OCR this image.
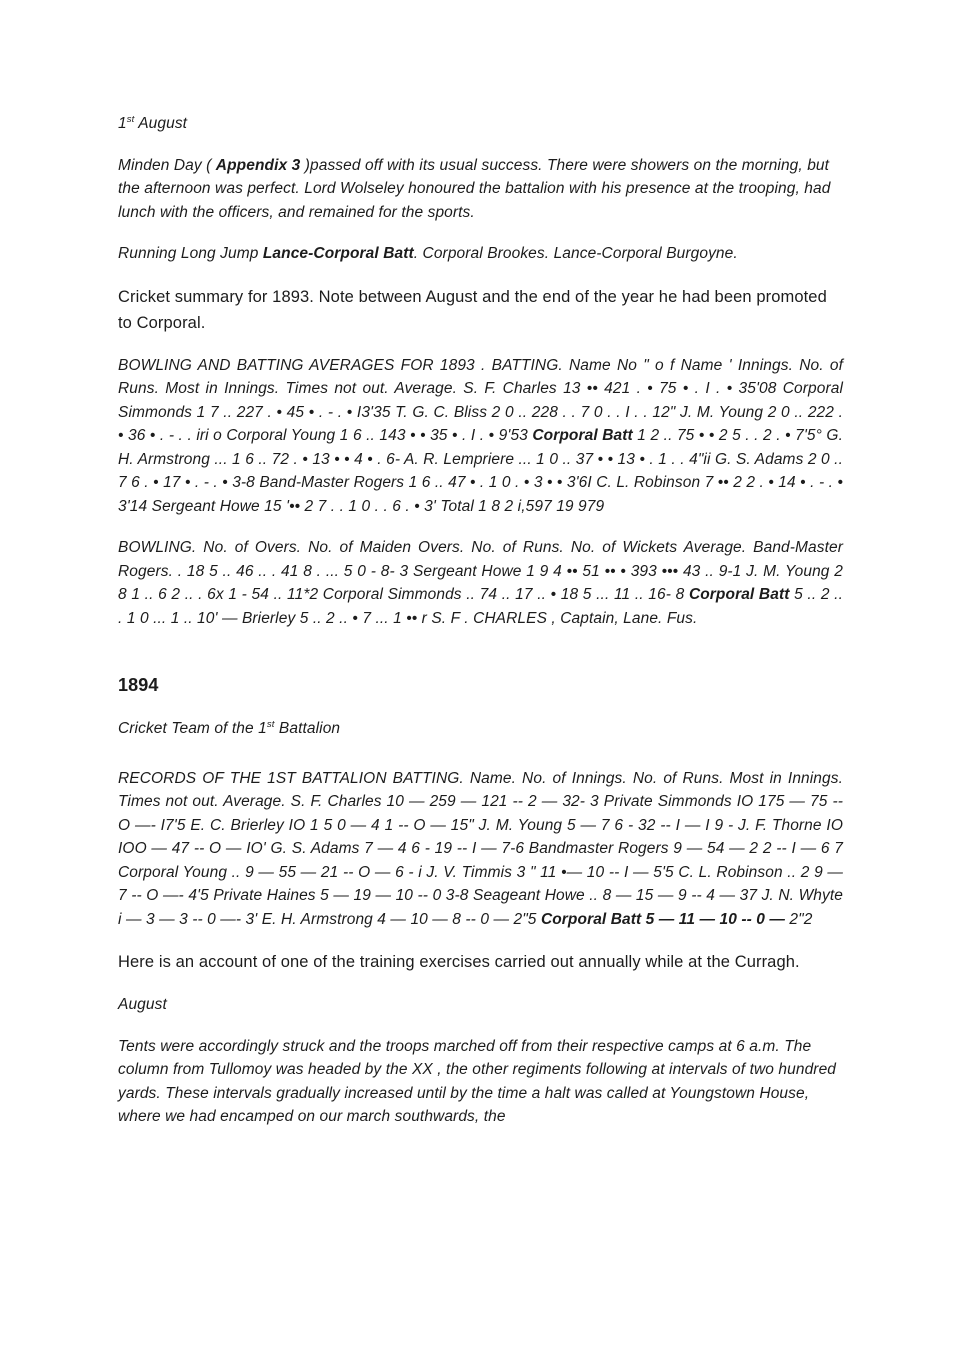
1st August

Minden Day ( Appendix 3 )passed off with its usual success. There were showers on the morning, but the afternoon was perfect. Lord Wolseley honoured the battalion with his presence at the trooping, had lunch with the officers, and remained for the sports.

Running Long Jump Lance-Corporal Batt. Corporal Brookes. Lance-Corporal Burgoyne.

Cricket summary for 1893. Note between August and the end of the year he had been promoted to Corporal.

BOWLING AND BATTING AVERAGES FOR 1893 . BATTING. Name No " o f Name ' Innings. No. of Runs. Most in Innings. Times not out. Average. S. F. Charles 13 •• 421 . • 75 • . I . • 35'08 Corporal Simmonds 1 7 .. 227 . • 45 • . - . • I3'35 T. G. C. Bliss 2 0 .. 228 . . 7 0 . . I . . 12" J. M. Young 2 0 .. 222 . • 36 • . - . . iri o Corporal Young 1 6 .. 143 • • 35 • . I . • 9'53 Corporal Batt 1 2 .. 75 • • 2 5 . . 2 . • 7'5° G. H. Armstrong ... 1 6 .. 72 . • 13 • • 4 • . 6- A. R. Lempriere ... 1 0 .. 37 • • 13 • . 1 . . 4"ii G. S. Adams 2 0 .. 7 6 . • 17 • . - . • 3-8 Band-Master Rogers 1 6 .. 47 • . 1 0 . • 3 • • 3'6I C. L. Robinson 7 •• 2 2 . • 14 • . - . • 3'14 Sergeant Howe 15 '•• 2 7 . . 1 0 . . 6 . • 3' Total 1 8 2 i,597 19 979

BOWLING. No. of Overs. No. of Maiden Overs. No. of Runs. No. of Wickets Average. Band-Master Rogers. . 18 5 .. 46 .. . 41 8 . ... 5 0 - 8- 3 Sergeant Howe 1 9 4 •• 51 •• • 393 ••• 43 .. 9-1 J. M. Young 2 8 1 .. 6 2 .. . 6x 1 - 54 .. 11*2 Corporal Simmonds .. 74 .. 17 .. • 18 5 ... 11 .. 16- 8 Corporal Batt 5 .. 2 .. . 1 0 ... 1 .. 10' — Brierley 5 .. 2 .. • 7 ... 1 •• r S. F . CHARLES , Captain, Lane. Fus.

1894

Cricket Team of the 1st Battalion

RECORDS OF THE 1ST BATTALION BATTING. Name. No. of Innings. No. of Runs. Most in Innings. Times not out. Average. S. F. Charles 10 — 259 — 121 -- 2 — 32- 3 Private Simmonds IO 175 — 75 -- O —- I7'5 E. C. Brierley IO 1 5 0 — 4 1 -- O — 15" J. M. Young 5 — 7 6 - 32 -- I — I 9 - J. F. Thorne IO IOO — 47 -- O — IO' G. S. Adams 7 — 4 6 - 19 -- I — 7-6 Bandmaster Rogers 9 — 54 — 2 2 -- I — 6 7 Corporal Young .. 9 — 55 — 21 -- O — 6 - i J. V. Timmis 3 " 11 •— 10 -- I — 5'5 C. L. Robinson .. 2 9 — 7 -- O —- 4'5 Private Haines 5 — 19 — 10 -- 0 3-8 Seageant Howe .. 8 — 15 — 9 -- 4 — 37 J. N. Whyte i — 3 — 3 -- 0 —- 3' E. H. Armstrong 4 — 10 — 8 -- 0 — 2"5 Corporal Batt 5 — 11 — 10 -- 0 — 2"2

Here is an account of one of the training exercises carried out annually while at the Curragh.

August

Tents were accordingly struck and the troops marched off from their respective camps at 6 a.m. The column from Tullomoy was headed by the XX , the other regiments following at intervals of two hundred yards. These intervals gradually increased until by the time a halt was called at Youngstown House, where we had encamped on our march southwards, the
